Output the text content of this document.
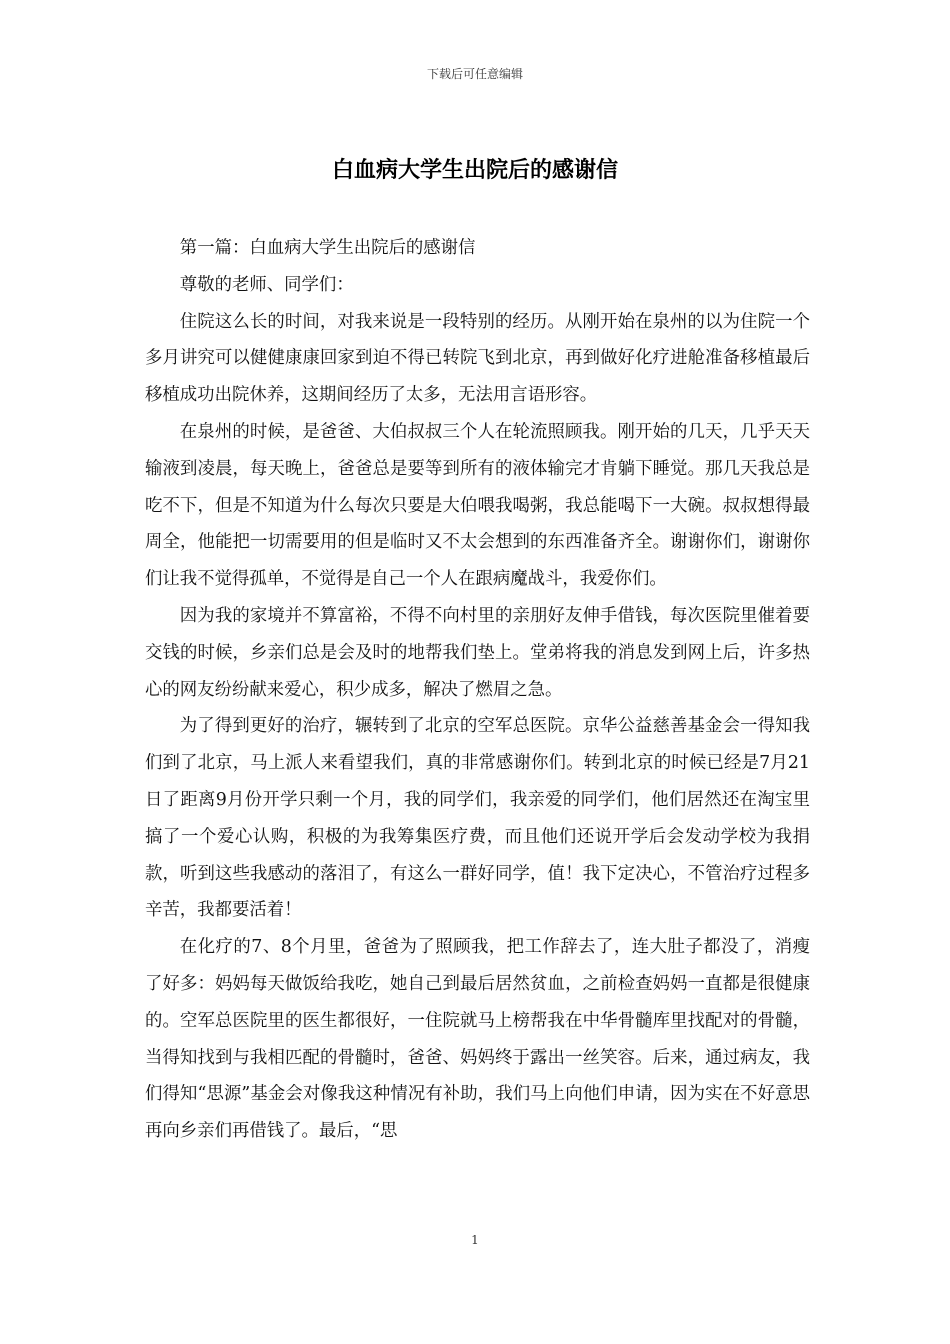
下载后可任意编辑
白血病大学生出院后的感谢信

第一篇：白血病大学生出院后的感谢信

尊敬的老师、同学们：

住院这么长的时间，对我来说是一段特别的经历。从刚开始在泉州的以为住院一个多月讲究可以健健康康回家到迫不得已转院飞到北京，再到做好化疗进舱准备移植最后移植成功出院休养，这期间经历了太多，无法用言语形容。

在泉州的时候，是爸爸、大伯叔叔三个人在轮流照顾我。刚开始的几天，几乎天天输液到凌晨，每天晚上，爸爸总是要等到所有的液体输完才肯躺下睡觉。那几天我总是吃不下，但是不知道为什么每次只要是大伯喂我喝粥，我总能喝下一大碗。叔叔想得最周全，他能把一切需要用的但是临时又不太会想到的东西准备齐全。谢谢你们，谢谢你们让我不觉得孤单，不觉得是自己一个人在跟病魔战斗，我爱你们。

因为我的家境并不算富裕，不得不向村里的亲朋好友伸手借钱，每次医院里催着要交钱的时候，乡亲们总是会及时的地帮我们垫上。堂弟将我的消息发到网上后，许多热心的网友纷纷献来爱心，积少成多，解决了燃眉之急。

为了得到更好的治疗，辗转到了北京的空军总医院。京华公益慈善基金会一得知我们到了北京，马上派人来看望我们，真的非常感谢你们。转到北京的时候已经是7月21日了距离9月份开学只剩一个月，我的同学们，我亲爱的同学们，他们居然还在淘宝里搞了一个爱心认购，积极的为我筹集医疗费，而且他们还说开学后会发动学校为我捐款，听到这些我感动的落泪了，有这么一群好同学，值！我下定决心，不管治疗过程多辛苦，我都要活着！

在化疗的7、8个月里，爸爸为了照顾我，把工作辞去了，连大肚子都没了，消瘦了好多：妈妈每天做饭给我吃，她自己到最后居然贫血，之前检查妈妈一直都是很健康的。空军总医院里的医生都很好，一住院就马上榜帮我在中华骨髓库里找配对的骨髓，当得知找到与我相匹配的骨髓时，爸爸、妈妈终于露出一丝笑容。后来，通过病友，我们得知“思源”基金会对像我这种情况有补助，我们马上向他们申请，因为实在不好意思再向乡亲们再借钱了。最后，“思

1
